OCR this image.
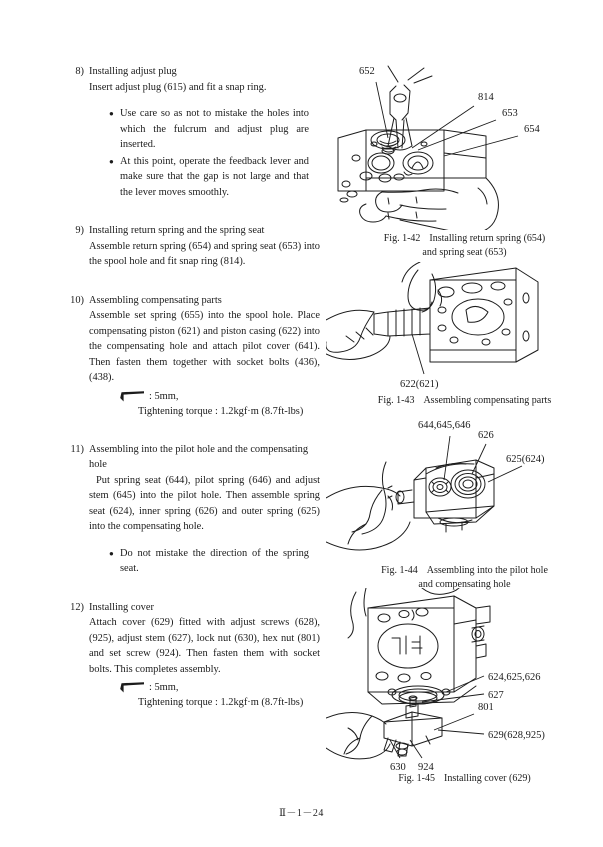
8) Installing adjust plug
Insert adjust plug (615) and fit a snap ring.
● Use care so as not to mistake the holes into which the fulcrum and adjust plug are inserted.
● At this point, operate the feedback lever and make sure that the gap is not large and that the lever moves smoothly.
9) Installing return spring and the spring seat
Assemble return spring (654) and spring seat (653) into the spool hole and fit snap ring (814).
10) Assembling compensating parts
Assemble set spring (655) into the spool hole. Place compensating piston (621) and piston casing (622) into the compensating hole and attach pilot cover (641). Then fasten them together with socket bolts (436), (438).
: 5mm,
Tightening torque : 1.2kgf·m (8.7ft-lbs)
11) Assembling into the pilot hole and the compensating hole
Put spring seat (644), pilot spring (646) and adjust stem (645) into the pilot hole. Then assemble spring seat (624), inner spring (626) and outer spring (625) into the compensating hole.
● Do not mistake the direction of the spring seat.
12) Installing cover
Attach cover (629) fitted with adjust screws (628), (925), adjust stem (627), lock nut (630), hex nut (801) and set screw (924). Then fasten them with socket bolts. This completes assembly.
: 5mm,
Tightening torque : 1.2kgf·m (8.7ft-lbs)
652
814
653
654
Fig. 1-42 Installing return spring (654)
and spring seat (653)
622(621)
Fig. 1-43 Assembling compensating parts
644,645,646
626
625(624)
Fig. 1-44 Assembling into the pilot hole
and compensating hole
624,625,626
627
801
629(628,925)
630 924
Fig. 1-45 Installing cover (629)
Ⅱ－1－24
